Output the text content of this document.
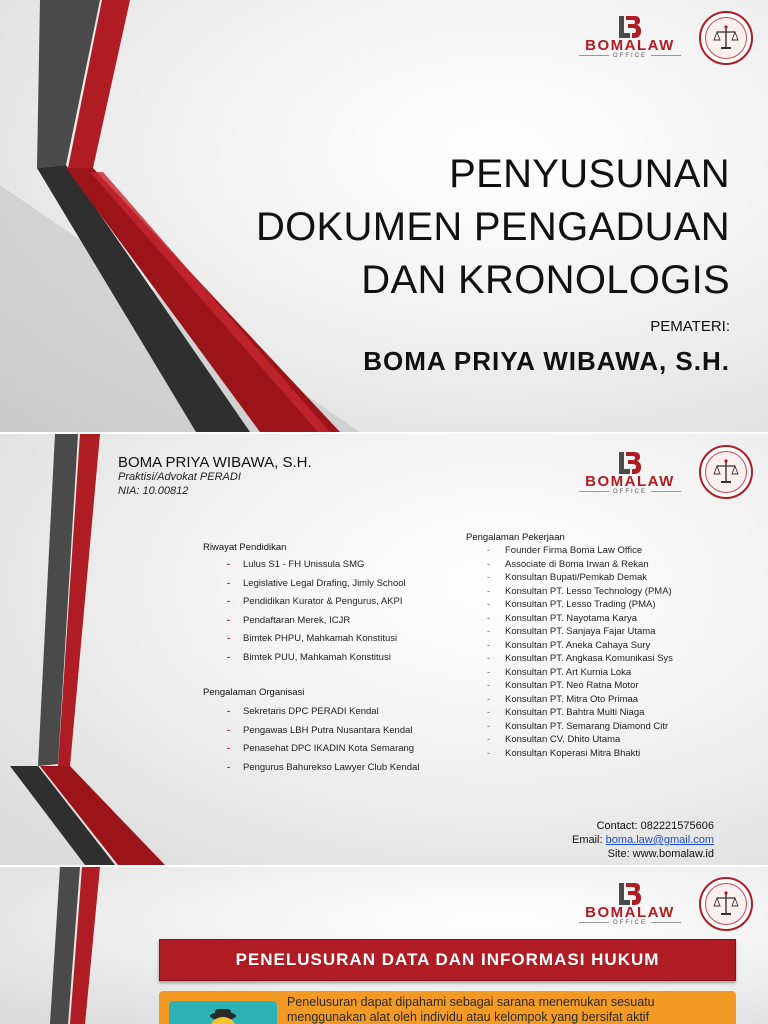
BOMALAW
OFFICE
PENYUSUNAN
DOKUMEN PENGADUAN
DAN KRONOLOGIS
PEMATERI:
BOMA PRIYA WIBAWA, S.H.
BOMALAW
OFFICE
BOMA PRIYA WIBAWA, S.H.
Praktisi/Advokat PERADI
NIA: 10.00812
Riwayat Pendidikan
- Lulus S1 - FH Unissula SMG
- Legislative Legal Drafing, Jimly School
- Pendidikan Kurator & Pengurus, AKPI
- Pendaftaran Merek, ICJR
- Bimtek PHPU, Mahkamah Konstitusi
- Bimtek PUU, Mahkamah Konstitusi
Pengalaman Organisasi
- Sekretaris DPC PERADI Kendal
- Pengawas LBH Putra Nusantara Kendal
- Penasehat DPC IKADIN Kota Semarang
- Pengurus Bahurekso Lawyer Club Kendal
Pengalaman Pekerjaan
- Founder Firma Boma Law Office
- Associate di Boma Irwan & Rekan
- Konsultan Bupati/Pemkab Demak
- Konsultan PT. Lesso Technology (PMA)
- Konsultan PT. Lesso Trading (PMA)
- Konsultan PT. Nayotama Karya
- Konsultan PT. Sanjaya Fajar Utama
- Konsultan PT. Aneka Cahaya Sury
- Konsultan PT. Angkasa Komunikasi Sys
- Konsultan PT. Art Kurnia Loka
- Konsultan PT. Neo Ratna Motor
- Konsultan PT. Mitra Oto Primaa
- Konsultan PT. Bahtra Multi Niaga
- Konsultan PT. Semarang Diamond Citr
- Konsultan CV. Dhito Utama
- Konsultan Koperasi Mitra Bhakti
Contact: 082221575606
Email: boma.law@gmail.com
Site: www.bomalaw.id
BOMALAW
OFFICE
PENELUSURAN DATA DAN INFORMASI HUKUM
Penelusuran dapat dipahami sebagai sarana menemukan sesuatu menggunakan alat oleh individu atau kelompok yang bersifat aktif
